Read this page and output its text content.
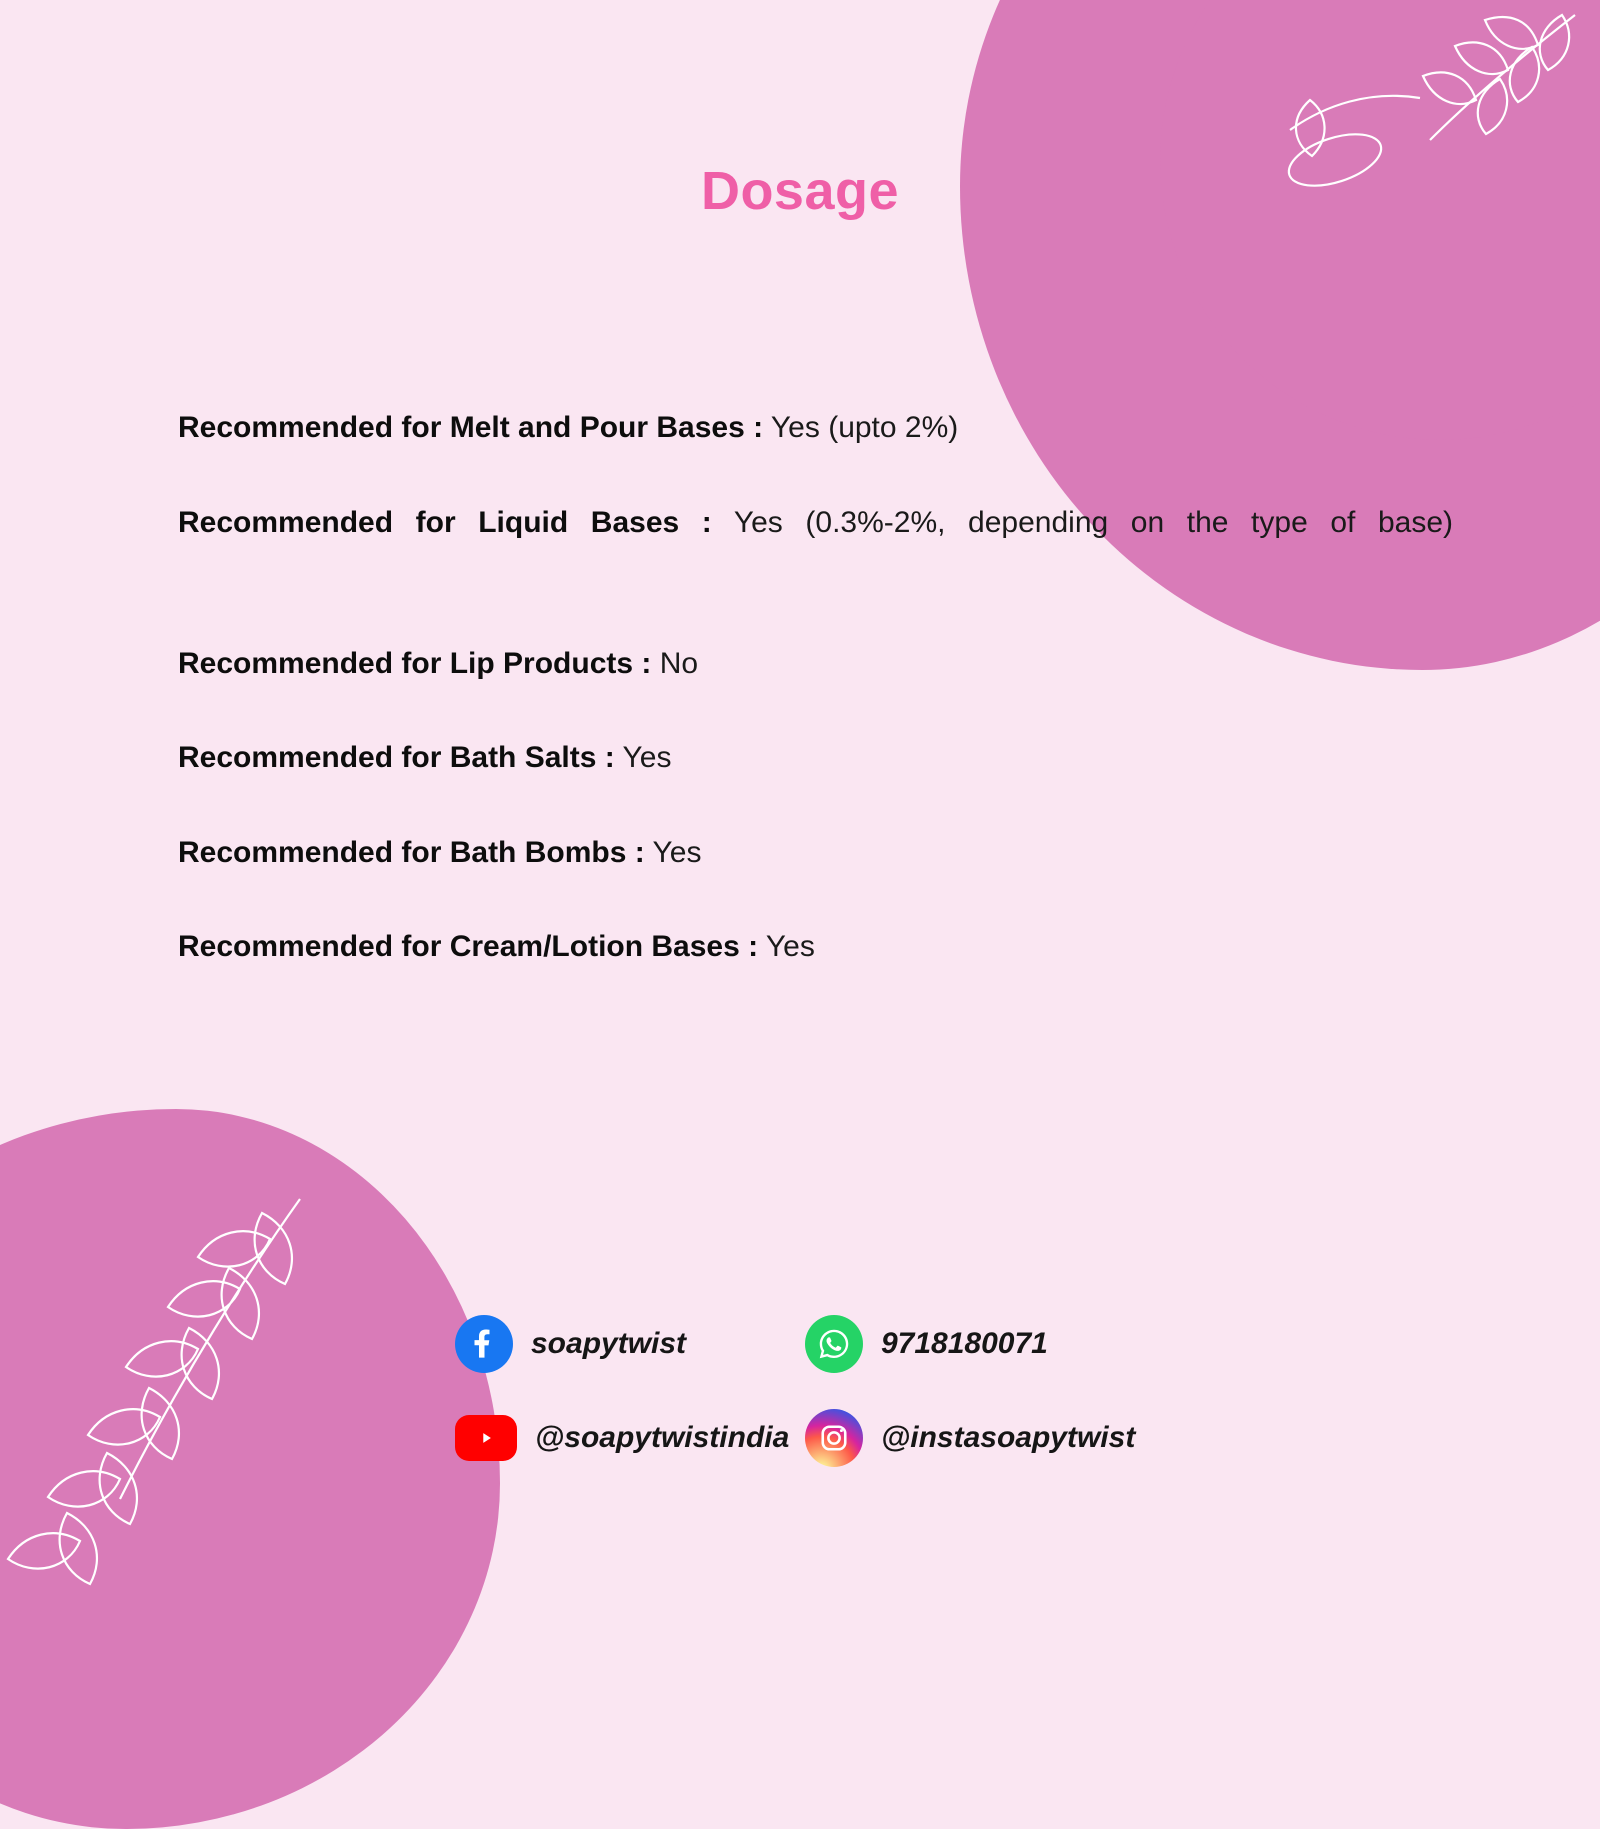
Dosage

Recommended for Melt and Pour Bases : Yes (upto 2%)

Recommended for Liquid Bases : Yes (0.3%-2%, depending on the type of base)

Recommended for Lip Products : No

Recommended for Bath Salts : Yes

Recommended for Bath Bombs : Yes

Recommended for Cream/Lotion Bases : Yes

soapytwist	9718180071
@soapytwistindia	@instasoapytwist
